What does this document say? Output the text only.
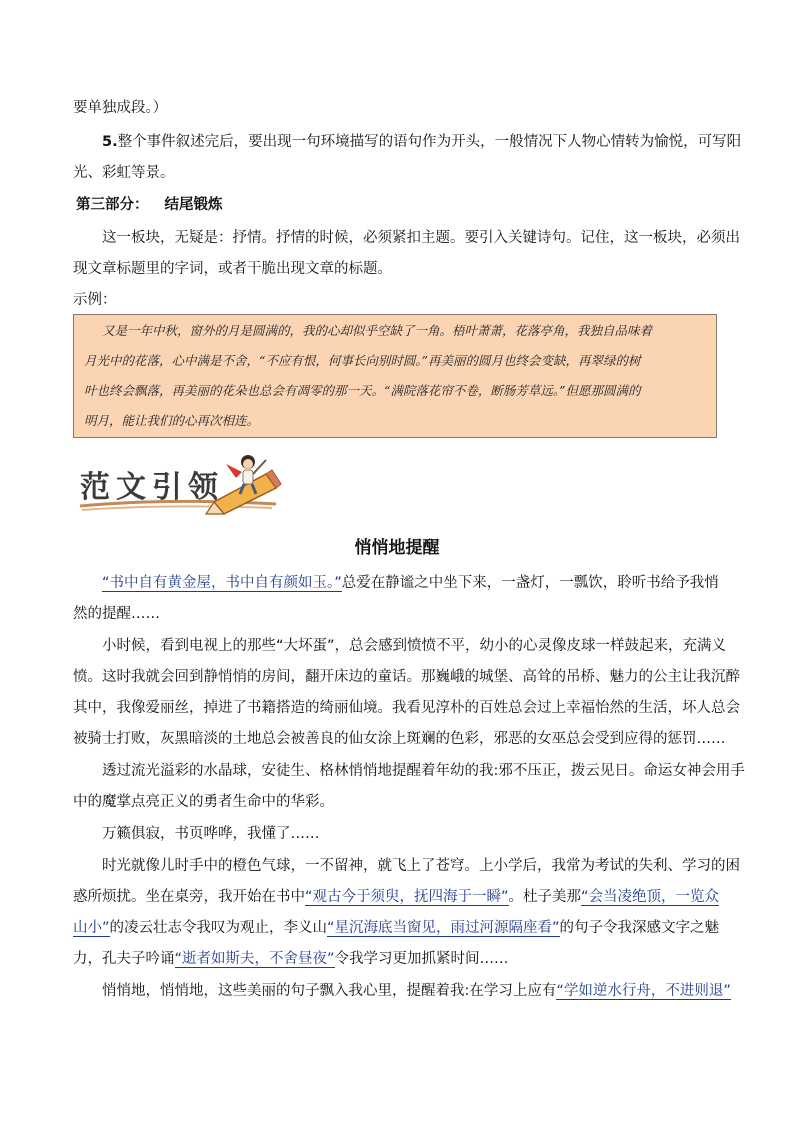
要单独成段。）
5.整个事件叙述完后，要出现一句环境描写的语句作为开头，一般情况下人物心情转为愉悦，可写阳
光、彩虹等景。
第三部分： 结尾锻炼
这一板块，无疑是：抒情。抒情的时候，必须紧扣主题。要引入关键诗句。记住，这一板块，必须出
现文章标题里的字词，或者干脆出现文章的标题。
示例：
又是一年中秋，窗外的月是圆满的，我的心却似乎空缺了一角。梧叶萧萧，花落亭角，我独自品味着
月光中的花落，心中满是不舍，“不应有恨，何事长向别时圆。”再美丽的圆月也终会变缺，再翠绿的树
叶也终会飘落，再美丽的花朵也总会有凋零的那一天。“满院落花帘不卷，断肠芳草远。”但愿那圆满的
明月，能让我们的心再次相连。
范文引领
悄悄地提醒
“书中自有黄金屋，书中自有颜如玉。”总爱在静谧之中坐下来，一盏灯，一瓢饮，聆听书给予我悄
然的提醒……
小时候，看到电视上的那些“大坏蛋”，总会感到愤愤不平，幼小的心灵像皮球一样鼓起来，充满义
愤。这时我就会回到静悄悄的房间，翻开床边的童话。那巍峨的城堡、高耸的吊桥、魅力的公主让我沉醉
其中，我像爱丽丝，掉进了书籍搭造的绮丽仙境。我看见淳朴的百姓总会过上幸福怡然的生活，坏人总会
被骑士打败，灰黑暗淡的土地总会被善良的仙女涂上斑斓的色彩，邪恶的女巫总会受到应得的惩罚……
透过流光溢彩的水晶球，安徒生、格林悄悄地提醒着年幼的我:邪不压正，拨云见日。命运女神会用手
中的魔掌点亮正义的勇者生命中的华彩。
万籁俱寂，书页哗哗，我懂了……
时光就像儿时手中的橙色气球，一不留神，就飞上了苍穹。上小学后，我常为考试的失利、学习的困
惑所烦扰。坐在桌旁，我开始在书中“观古今于须臾，抚四海于一瞬”。杜子美那“会当凌绝顶，一览众
山小”的凌云壮志令我叹为观止，李义山“星沉海底当窗见，雨过河源隔座看”的句子令我深感文字之魅
力，孔夫子吟诵“逝者如斯夫，不舍昼夜”令我学习更加抓紧时间……
悄悄地，悄悄地，这些美丽的句子飘入我心里，提醒着我:在学习上应有“学如逆水行舟，不进则退”
